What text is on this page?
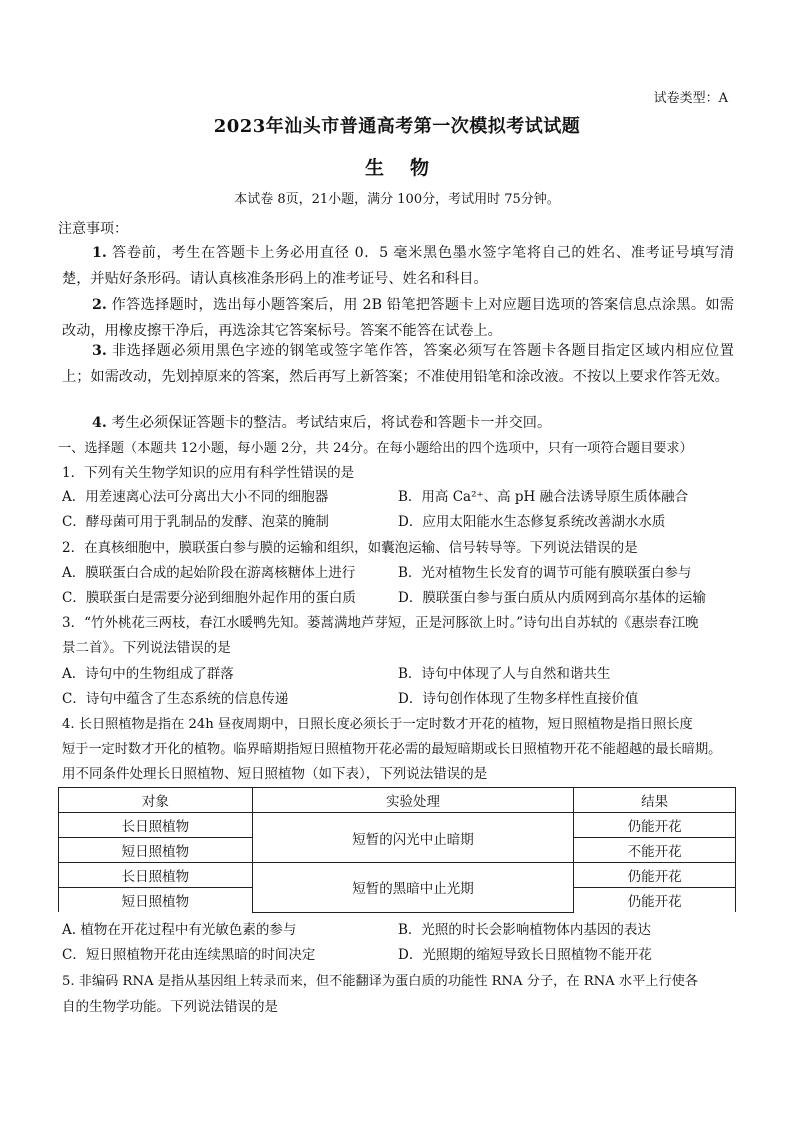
试卷类型：A
2023年汕头市普通高考第一次模拟考试试题
生物
本试卷 8页，21小题，满分 100分，考试用时 75分钟。
注意事项：
1. 答卷前，考生在答题卡上务必用直径 0．5 毫米黑色墨水签字笔将自己的姓名、准考证号填写清楚，并贴好条形码。请认真核准条形码上的准考证号、姓名和科目。
2. 作答选择题时，选出每小题答案后，用 2B 铅笔把答题卡上对应题目选项的答案信息点涂黑。如需改动，用橡皮擦干净后，再选涂其它答案标号。答案不能答在试卷上。
3. 非选择题必须用黑色字迹的钢笔或签字笔作答，答案必须写在答题卡各题目指定区域内相应位置上；如需改动，先划掉原来的答案，然后再写上新答案；不准使用铅笔和涂改液。不按以上要求作答无效。
4. 考生必须保证答题卡的整洁。考试结束后，将试卷和答题卡一并交回。
一、选择题（本题共 12小题，每小题 2分，共 24分。在每小题给出的四个选项中，只有一项符合题目要求）
1．下列有关生物学知识的应用有科学性错误的是
A．用差速离心法可分离出大小不同的细胞器	B．用高 Ca²⁺、高 pH 融合法诱导原生质体融合
C．酵母菌可用于乳制品的发酵、泡菜的腌制	D．应用太阳能水生态修复系统改善湖水水质
2．在真核细胞中，膜联蛋白参与膜的运输和组织，如囊泡运输、信号转导等。下列说法错误的是
A．膜联蛋白合成的起始阶段在游离核糖体上进行	B．光对植物生长发育的调节可能有膜联蛋白参与
C．膜联蛋白是需要分泌到细胞外起作用的蛋白质	D．膜联蛋白参与蛋白质从内质网到高尔基体的运输
3．“竹外桃花三两枝，春江水暖鸭先知。蒌蒿满地芦芽短，正是河豚欲上时。”诗句出自苏轼的《惠崇春江晚
景二首》。下列说法错误的是
A．诗句中的生物组成了群落	B．诗句中体现了人与自然和谐共生
C．诗句中蕴含了生态系统的信息传递	D．诗句创作体现了生物多样性直接价值
4. 长日照植物是指在 24h 昼夜周期中，日照长度必须长于一定时数才开花的植物，短日照植物是指日照长度
短于一定时数才开化的植物。临界暗期指短日照植物开花必需的最短暗期或长日照植物开花不能超越的最长暗期。
用不同条件处理长日照植物、短日照植物（如下表），下列说法错误的是
对象	实验处理	结果
长日照植物	短暂的闪光中止暗期	仍能开花
短日照植物		不能开花
长日照植物	短暂的黑暗中止光期	仍能开花
短日照植物		仍能开花
A. 植物在开花过程中有光敏色素的参与	B．光照的时长会影响植物体内基因的表达
C．短日照植物开花由连续黑暗的时间决定	D．光照期的缩短导致长日照植物不能开花
5. 非编码 RNA 是指从基因组上转录而来，但不能翻译为蛋白质的功能性 RNA 分子，在 RNA 水平上行使各
自的生物学功能。下列说法错误的是
